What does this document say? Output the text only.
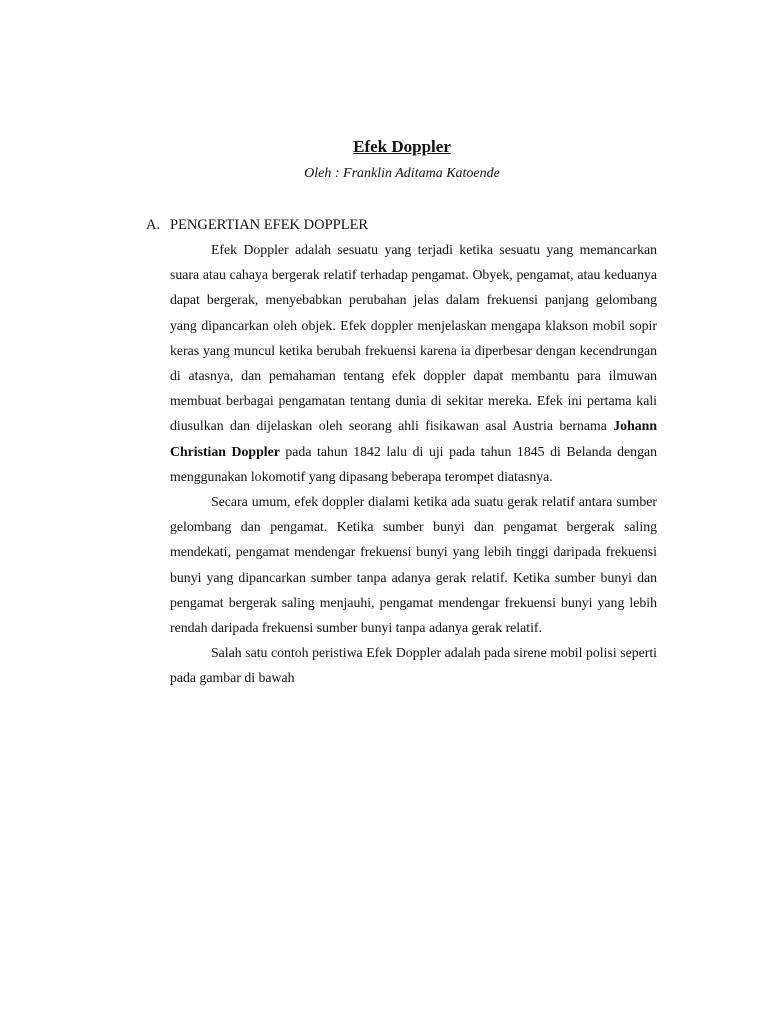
Efek Doppler
Oleh : Franklin Aditama Katoende
A. PENGERTIAN EFEK DOPPLER

Efek Doppler adalah sesuatu yang terjadi ketika sesuatu yang memancarkan suara atau cahaya bergerak relatif terhadap pengamat. Obyek, pengamat, atau keduanya dapat bergerak, menyebabkan perubahan jelas dalam frekuensi panjang gelombang yang dipancarkan oleh objek. Efek doppler menjelaskan mengapa klakson mobil sopir keras yang muncul ketika berubah frekuensi karena ia diperbesar dengan kecendrungan di atasnya, dan pemahaman tentang efek doppler dapat membantu para ilmuwan membuat berbagai pengamatan tentang dunia di sekitar mereka. Efek ini pertama kali diusulkan dan dijelaskan oleh seorang ahli fisikawan asal Austria bernama Johann Christian Doppler pada tahun 1842 lalu di uji pada tahun 1845 di Belanda dengan menggunakan lokomotif yang dipasang beberapa terompet diatasnya.

Secara umum, efek doppler dialami ketika ada suatu gerak relatif antara sumber gelombang dan pengamat. Ketika sumber bunyi dan pengamat bergerak saling mendekati, pengamat mendengar frekuensi bunyi yang lebih tinggi daripada frekuensi bunyi yang dipancarkan sumber tanpa adanya gerak relatif. Ketika sumber bunyi dan pengamat bergerak saling menjauhi, pengamat mendengar frekuensi bunyi yang lebih rendah daripada frekuensi sumber bunyi tanpa adanya gerak relatif.

Salah satu contoh peristiwa Efek Doppler adalah pada sirene mobil polisi seperti pada gambar di bawah
